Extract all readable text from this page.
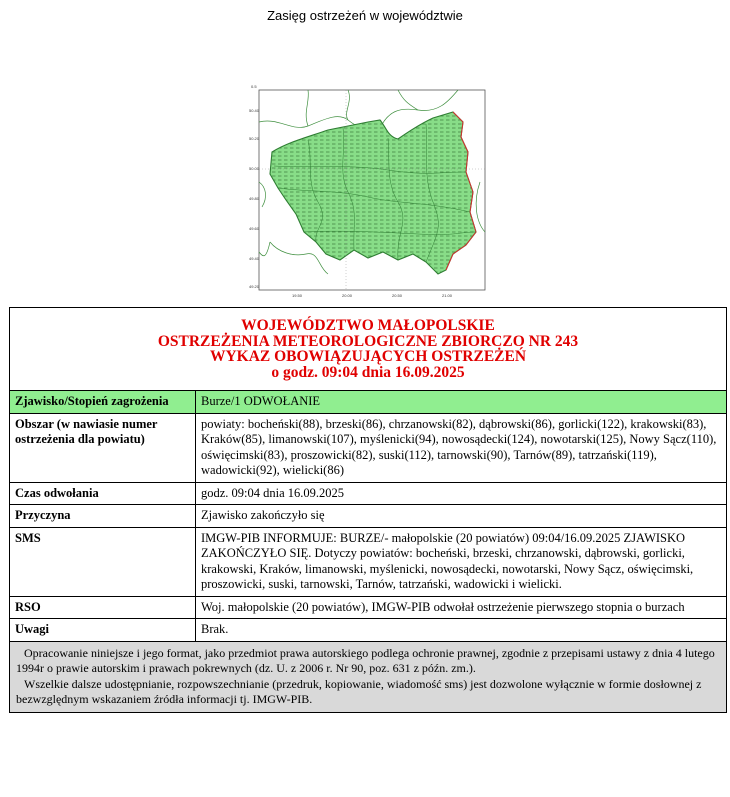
Zasięg ostrzeżeń w województwie
0.5
50.40
50.20
50.00
49.80
49.60
49.40
49.20
19.50	20.00	20.50	21.00
WOJEWÓDZTWO MAŁOPOLSKIE
OSTRZEŻENIA METEOROLOGICZNE ZBIORCZO NR 243
WYKAZ OBOWIĄZUJĄCYCH OSTRZEŻEŃ
o godz. 09:04 dnia 16.09.2025	

Zjawisko/Stopień zagrożenia	Burze/1 ODWOŁANIE
Obszar (w nawiasie numer ostrzeżenia dla powiatu)	powiaty: bocheński(88), brzeski(86), chrzanowski(82), dąbrowski(86), gorlicki(122), krakowski(83), Kraków(85), limanowski(107), myślenicki(94), nowosądecki(124), nowotarski(125), Nowy Sącz(110), oświęcimski(83), proszowicki(82), suski(112), tarnowski(90), Tarnów(89), tatrzański(119), wadowicki(92), wielicki(86)
Czas odwołania	godz. 09:04 dnia 16.09.2025
Przyczyna	Zjawisko zakończyło się
SMS	IMGW-PIB INFORMUJE: BURZE/- małopolskie (20 powiatów) 09:04/16.09.2025 ZJAWISKO ZAKOŃCZYŁO SIĘ. Dotyczy powiatów: bocheński, brzeski, chrzanowski, dąbrowski, gorlicki, krakowski, Kraków, limanowski, myślenicki, nowosądecki, nowotarski, Nowy Sącz, oświęcimski, proszowicki, suski, tarnowski, Tarnów, tatrzański, wadowicki i wielicki.
RSO	Woj. małopolskie (20 powiatów), IMGW-PIB odwołał ostrzeżenie pierwszego stopnia o burzach
Uwagi	Brak.

Opracowanie niniejsze i jego format, jako przedmiot prawa autorskiego podlega ochronie prawnej, zgodnie z przepisami ustawy z dnia 4 lutego 1994r o prawie autorskim i prawach pokrewnych (dz. U. z 2006 r. Nr 90, poz. 631 z późn. zm.).

Wszelkie dalsze udostępnianie, rozpowszechnianie (przedruk, kopiowanie, wiadomość sms) jest dozwolone wyłącznie w formie dosłownej z bezwzględnym wskazaniem źródła informacji tj. IMGW-PIB.	
